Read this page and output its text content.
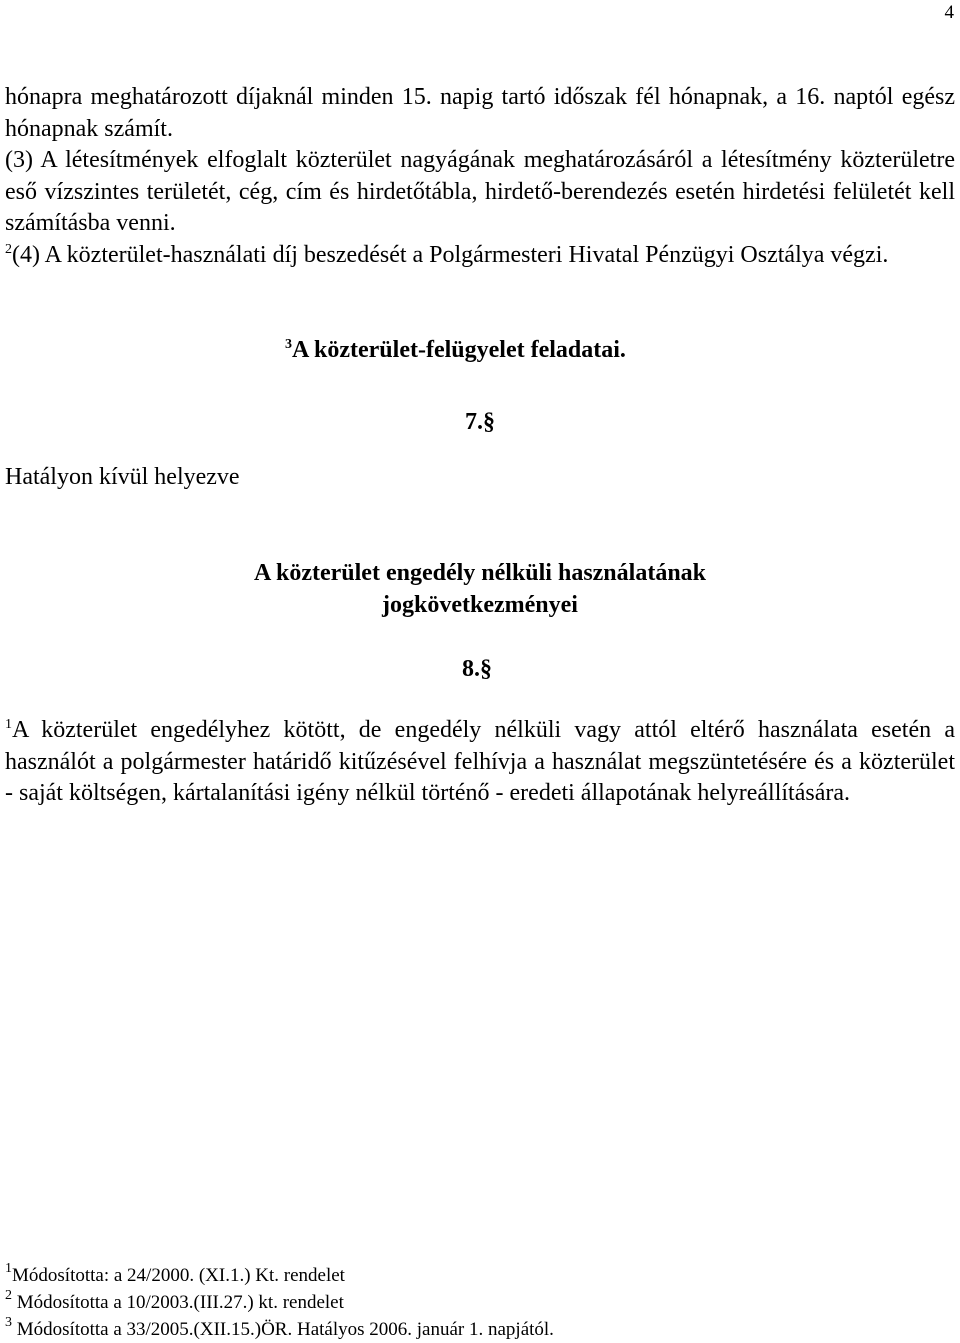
4
hónapra meghatározott díjaknál minden 15. napig tartó időszak fél hónapnak, a 16. naptól egész hónapnak számít.
(3) A létesítmények elfoglalt közterület nagyágának meghatározásáról a létesítmény közterületre eső vízszintes területét, cég, cím és hirdetőtábla, hirdető-berendezés esetén hirdetési felületét kell számításba venni.
$^2$(4) A közterület-használati díj beszedését a Polgármesteri Hivatal Pénzügyi Osztálya végzi.
$^3$A közterület-felügyelet feladatai.
7.§
Hatályon kívül helyezve
A közterület engedély nélküli használatának
jogkövetkezményei
8.§
$^1$A közterület engedélyhez kötött, de engedély nélküli vagy attól eltérő használata esetén a használót a polgármester határidő kitűzésével felhívja a használat megszüntetésére és a közterület - saját költségen, kártalanítási igény nélkül történő - eredeti állapotának helyreállítására.
$^1$Módosította: a 24/2000. (XI.1.) Kt. rendelet
$^2$ Módosította a 10/2003.(III.27.) kt. rendelet
$^3$ Módosította a 33/2005.(XII.15.)ÖR. Hatályos 2006. január 1. napjától.
